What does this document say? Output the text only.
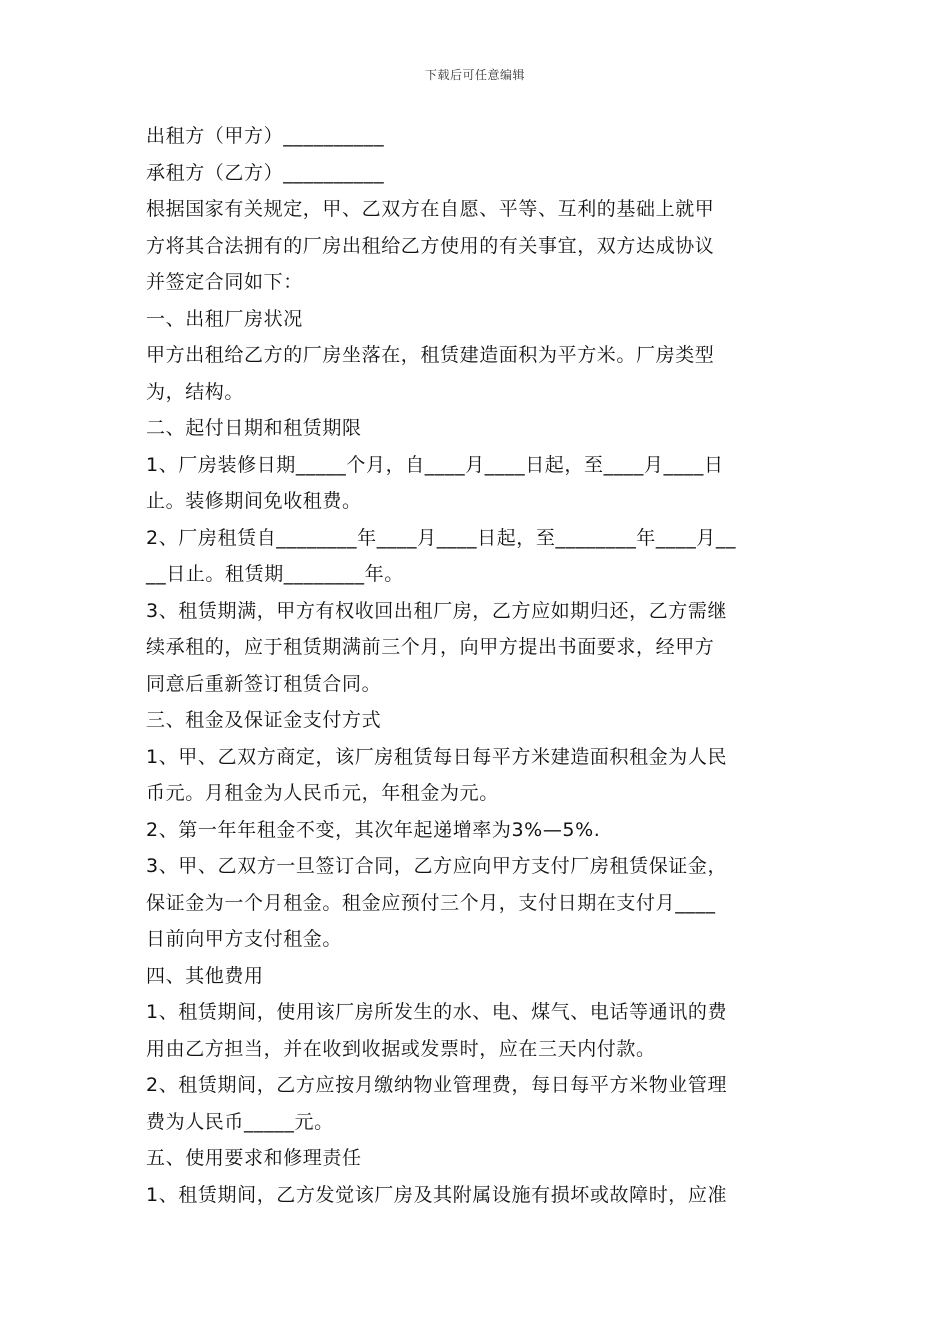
下载后可任意编辑
出租方（甲方）__________
承租方（乙方）__________
根据国家有关规定，甲、乙双方在自愿、平等、互利的基础上就甲
方将其合法拥有的厂房出租给乙方使用的有关事宜，双方达成协议
并签定合同如下：
一、出租厂房状况
甲方出租给乙方的厂房坐落在，租赁建造面积为平方米。厂房类型
为，结构。
二、起付日期和租赁期限
1、厂房装修日期_____个月，自____月____日起，至____月____日
止。装修期间免收租费。
2、厂房租赁自________年____月____日起，至________年____月__
__日止。租赁期________年。
3、租赁期满，甲方有权收回出租厂房，乙方应如期归还，乙方需继
续承租的，应于租赁期满前三个月，向甲方提出书面要求，经甲方
同意后重新签订租赁合同。
三、租金及保证金支付方式
1、甲、乙双方商定，该厂房租赁每日每平方米建造面积租金为人民
币元。月租金为人民币元，年租金为元。
2、第一年年租金不变，其次年起递增率为3%—5%.
3、甲、乙双方一旦签订合同，乙方应向甲方支付厂房租赁保证金，
保证金为一个月租金。租金应预付三个月，支付日期在支付月____
日前向甲方支付租金。
四、其他费用
1、租赁期间，使用该厂房所发生的水、电、煤气、电话等通讯的费
用由乙方担当，并在收到收据或发票时，应在三天内付款。
2、租赁期间，乙方应按月缴纳物业管理费，每日每平方米物业管理
费为人民币_____元。
五、使用要求和修理责任
1、租赁期间，乙方发觉该厂房及其附属设施有损坏或故障时，应准
